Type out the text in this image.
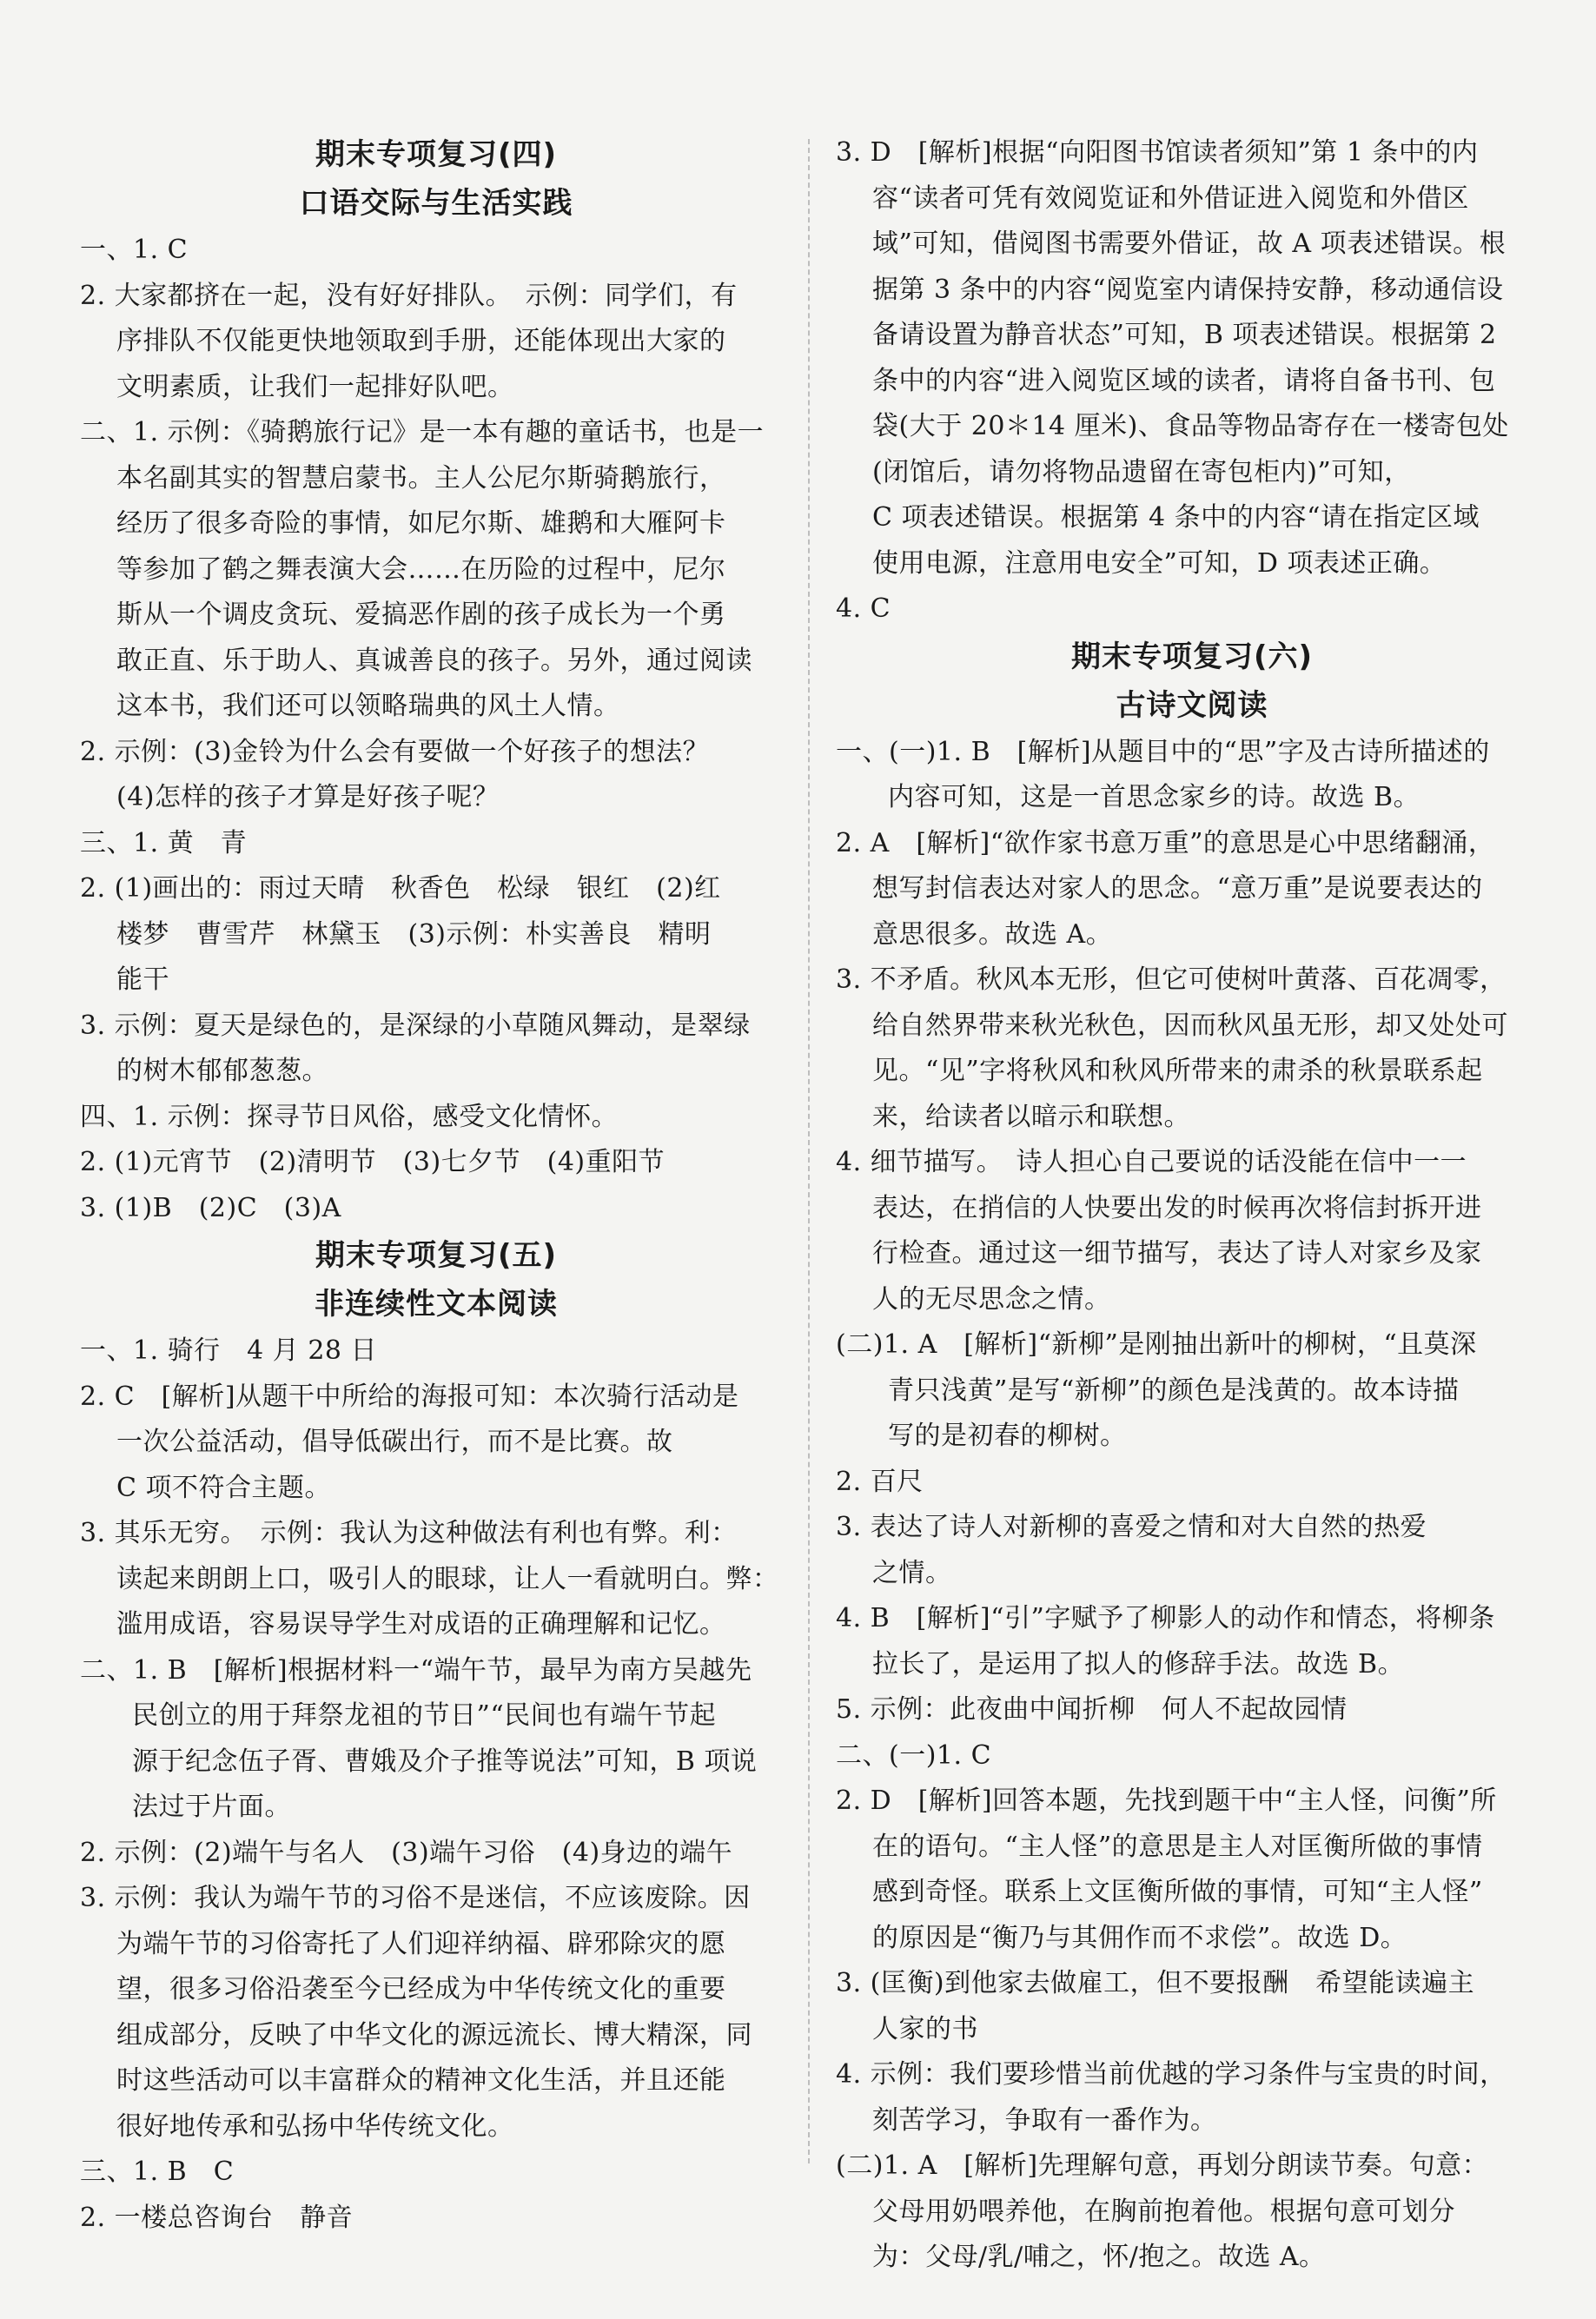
期末专项复习(四)
口语交际与生活实践
一、1. C
2. 大家都挤在一起，没有好好排队。　示例：同学们，有
序排队不仅能更快地领取到手册，还能体现出大家的
文明素质，让我们一起排好队吧。
二、1. 示例：《骑鹅旅行记》是一本有趣的童话书，也是一
本名副其实的智慧启蒙书。主人公尼尔斯骑鹅旅行，
经历了很多奇险的事情，如尼尔斯、雄鹅和大雁阿卡
等参加了鹤之舞表演大会……在历险的过程中，尼尔
斯从一个调皮贪玩、爱搞恶作剧的孩子成长为一个勇
敢正直、乐于助人、真诚善良的孩子。另外，通过阅读
这本书，我们还可以领略瑞典的风土人情。
2. 示例：(3)金铃为什么会有要做一个好孩子的想法？
(4)怎样的孩子才算是好孩子呢？
三、1. 黄　青
2. (1)画出的：雨过天晴　秋香色　松绿　银红　(2)红
楼梦　曹雪芹　林黛玉　(3)示例：朴实善良　精明
能干
3. 示例：夏天是绿色的，是深绿的小草随风舞动，是翠绿
的树木郁郁葱葱。
四、1. 示例：探寻节日风俗，感受文化情怀。
2. (1)元宵节　(2)清明节　(3)七夕节　(4)重阳节
3. (1)B　(2)C　(3)A
期末专项复习(五)
非连续性文本阅读
一、1. 骑行　4 月 28 日
2. C　[解析]从题干中所给的海报可知：本次骑行活动是
一次公益活动，倡导低碳出行，而不是比赛。故
C 项不符合主题。
3. 其乐无穷。　示例：我认为这种做法有利也有弊。利：
读起来朗朗上口，吸引人的眼球，让人一看就明白。弊：
滥用成语，容易误导学生对成语的正确理解和记忆。
二、1. B　[解析]根据材料一“端午节，最早为南方吴越先
民创立的用于拜祭龙祖的节日”“民间也有端午节起
源于纪念伍子胥、曹娥及介子推等说法”可知，B 项说
法过于片面。
2. 示例：(2)端午与名人　(3)端午习俗　(4)身边的端午
3. 示例：我认为端午节的习俗不是迷信，不应该废除。因
为端午节的习俗寄托了人们迎祥纳福、辟邪除灾的愿
望，很多习俗沿袭至今已经成为中华传统文化的重要
组成部分，反映了中华文化的源远流长、博大精深，同
时这些活动可以丰富群众的精神文化生活，并且还能
很好地传承和弘扬中华传统文化。
三、1. B　C
2. 一楼总咨询台　静音
3. D　[解析]根据“向阳图书馆读者须知”第 1 条中的内
容“读者可凭有效阅览证和外借证进入阅览和外借区
域”可知，借阅图书需要外借证，故 A 项表述错误。根
据第 3 条中的内容“阅览室内请保持安静，移动通信设
备请设置为静音状态”可知，B 项表述错误。根据第 2
条中的内容“进入阅览区域的读者，请将自备书刊、包
袋(大于 20＊14 厘米)、食品等物品寄存在一楼寄包处
(闭馆后，请勿将物品遗留在寄包柜内)”可知，
C 项表述错误。根据第 4 条中的内容“请在指定区域
使用电源，注意用电安全”可知，D 项表述正确。
4. C
期末专项复习(六)
古诗文阅读
一、(一)1. B　[解析]从题目中的“思”字及古诗所描述的
内容可知，这是一首思念家乡的诗。故选 B。
2. A　[解析]“欲作家书意万重”的意思是心中思绪翻涌，
想写封信表达对家人的思念。“意万重”是说要表达的
意思很多。故选 A。
3. 不矛盾。秋风本无形，但它可使树叶黄落、百花凋零，
给自然界带来秋光秋色，因而秋风虽无形，却又处处可
见。“见”字将秋风和秋风所带来的肃杀的秋景联系起
来，给读者以暗示和联想。
4. 细节描写。　诗人担心自己要说的话没能在信中一一
表达，在捎信的人快要出发的时候再次将信封拆开进
行检查。通过这一细节描写，表达了诗人对家乡及家
人的无尽思念之情。
(二)1. A　[解析]“新柳”是刚抽出新叶的柳树，“且莫深
青只浅黄”是写“新柳”的颜色是浅黄的。故本诗描
写的是初春的柳树。
2. 百尺
3. 表达了诗人对新柳的喜爱之情和对大自然的热爱
之情。
4. B　[解析]“引”字赋予了柳影人的动作和情态，将柳条
拉长了，是运用了拟人的修辞手法。故选 B。
5. 示例：此夜曲中闻折柳　何人不起故园情
二、(一)1. C
2. D　[解析]回答本题，先找到题干中“主人怪，问衡”所
在的语句。“主人怪”的意思是主人对匡衡所做的事情
感到奇怪。联系上文匡衡所做的事情，可知“主人怪”
的原因是“衡乃与其佣作而不求偿”。故选 D。
3. (匡衡)到他家去做雇工，但不要报酬　希望能读遍主
人家的书
4. 示例：我们要珍惜当前优越的学习条件与宝贵的时间，
刻苦学习，争取有一番作为。
(二)1. A　[解析]先理解句意，再划分朗读节奏。句意：
父母用奶喂养他，在胸前抱着他。根据句意可划分
为：父母/乳/哺之，怀/抱之。故选 A。
